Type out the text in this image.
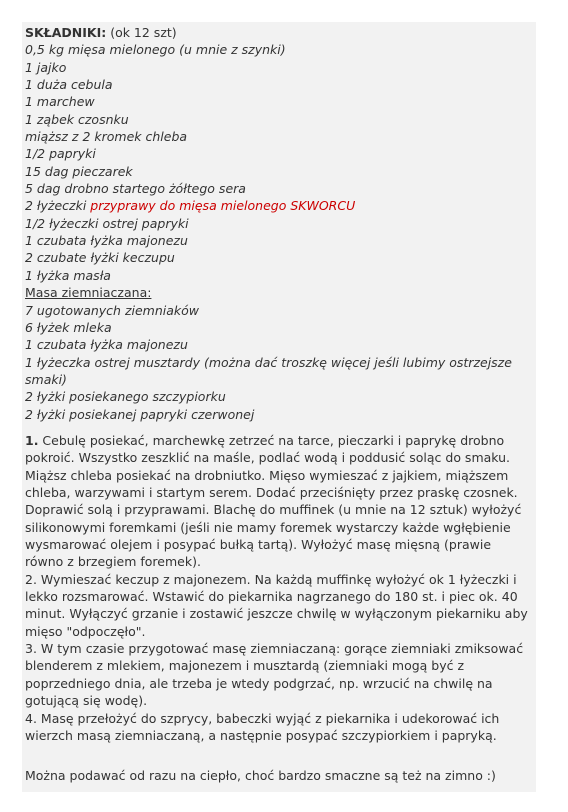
SKŁADNIKI: (ok 12 szt)
0,5 kg mięsa mielonego (u mnie z szynki)
1 jajko
1 duża cebula
1 marchew
1 ząbek czosnku
miąższ z 2 kromek chleba
1/2 papryki
15 dag pieczarek
5 dag drobno startego żółtego sera
2 łyżeczki przyprawy do mięsa mielonego SKWORCU
1/2 łyżeczki ostrej papryki
1 czubata łyżka majonezu
2 czubate łyżki keczupu
1 łyżka masła
Masa ziemniaczana:
7 ugotowanych ziemniaków
6 łyżek mleka
1 czubata łyżka majonezu
1 łyżeczka ostrej musztardy (można dać troszkę więcej jeśli lubimy ostrzejsze smaki)
2 łyżki posiekanego szczypiorku
2 łyżki posiekanej papryki czerwonej

1. Cebulę posiekać, marchewkę zetrzeć na tarce, pieczarki i paprykę drobno pokroić. Wszystko zeszklić na maśle, podlać wodą i poddusić soląc do smaku. Miąższ chleba posiekać na drobniutko. Mięso wymieszać z jajkiem, miąższem chleba, warzywami i startym serem. Dodać przeciśnięty przez praskę czosnek. Doprawić solą i przyprawami. Blachę do muffinek (u mnie na 12 sztuk) wyłożyć silikonowymi foremkami (jeśli nie mamy foremek wystarczy każde wgłębienie wysmarować olejem i posypać bułką tartą). Wyłożyć masę mięsną (prawie równo z brzegiem foremek).

2. Wymieszać keczup z majonezem. Na każdą muffinkę wyłożyć ok 1 łyżeczki i lekko rozsmarować. Wstawić do piekarnika nagrzanego do 180 st. i piec ok. 40 minut. Wyłączyć grzanie i zostawić jeszcze chwilę w wyłączonym piekarniku aby mięso "odpoczęło".

3. W tym czasie przygotować masę ziemniaczaną: gorące ziemniaki zmiksować blenderem z mlekiem, majonezem i musztardą (ziemniaki mogą być z poprzedniego dnia, ale trzeba je wtedy podgrzać, np. wrzucić na chwilę na gotującą się wodę).

4. Masę przełożyć do szprycy, babeczki wyjąć z piekarnika i udekorować ich wierzch masą ziemniaczaną, a następnie posypać szczypiorkiem i papryką.

Można podawać od razu na ciepło, choć bardzo smaczne są też na zimno :)
